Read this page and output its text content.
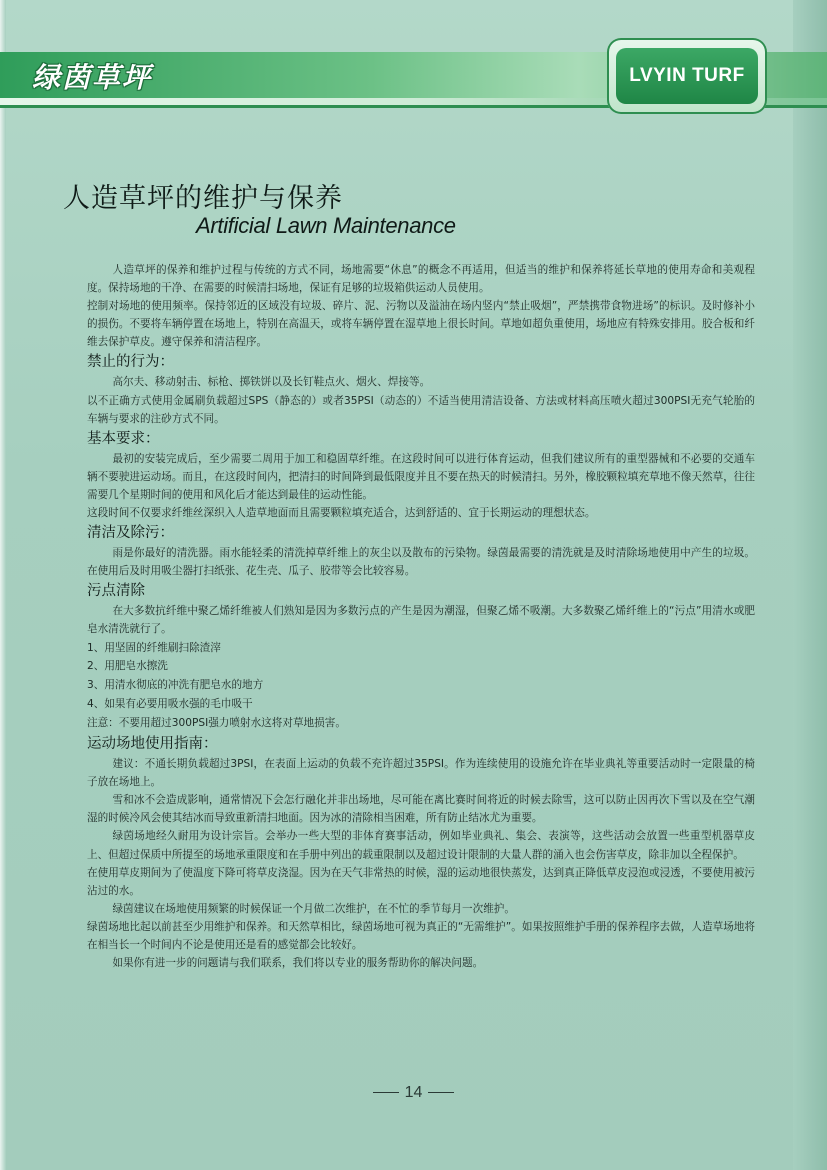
绿茵草坪	LVYIN TURF
人造草坪的维护与保养
Artificial Lawn Maintenance

人造草坪的保养和维护过程与传统的方式不同，场地需要“休息”的概念不再适用，但适当的维护和保养将延长草地的使用寿命和美观程度。保持场地的干净、在需要的时候清扫场地，保证有足够的垃圾箱供运动人员使用。

控制对场地的使用频率。保持邻近的区域没有垃圾、碎片、泥、污物以及溢油在场内竖内“禁止吸烟”，严禁携带食物进场”的标识。及时修补小的损伤。不要将车辆停置在场地上，特别在高温天，或将车辆停置在湿草地上很长时间。草地如超负重使用，场地应有特殊安排用。胶合板和纤维去保护草皮。遵守保养和清洁程序。

禁止的行为：

高尔夫、移动射击、标枪、掷铁饼以及长钉鞋点火、烟火、焊接等。

以不正确方式使用金属刷负载超过SPS（静态的）或者35PSI（动态的）不适当使用清洁设备、方法或材料高压喷火超过300PSI无充气轮胎的车辆与要求的注砂方式不同。

基本要求：

最初的安装完成后，至少需要二周用于加工和稳固草纤维。在这段时间可以进行体育运动，但我们建议所有的重型器械和不必要的交通车辆不要驶进运动场。而且，在这段时间内，把清扫的时间降到最低限度并且不要在热天的时候清扫。另外，橡胶颗粒填充草地不像天然草，往往需要几个星期时间的使用和风化后才能达到最佳的运动性能。

这段时间不仅要求纤维丝深织入人造草地面而且需要颗粒填充适合，达到舒适的、宜于长期运动的理想状态。

清洁及除污：

雨是你最好的清洗器。雨水能轻柔的清洗掉草纤维上的灰尘以及散布的污染物。绿茵最需要的清洗就是及时清除场地使用中产生的垃圾。在使用后及时用吸尘器打扫纸张、花生壳、瓜子、胶带等会比较容易。

污点清除

在大多数抗纤维中聚乙烯纤维被人们熟知是因为多数污点的产生是因为潮湿，但聚乙烯不吸潮。大多数聚乙烯纤维上的“污点”用清水或肥皂水清洗就行了。

1、用坚固的纤维刷扫除渣滓

2、用肥皂水擦洗

3、用清水彻底的冲洗有肥皂水的地方

4、如果有必要用吸水强的毛巾吸干

注意：不要用超过300PSI强力喷射水这将对草地损害。

运动场地使用指南：

建议：不通长期负载超过3PSI，在表面上运动的负载不充许超过35PSI。作为连续使用的设施允许在毕业典礼等重要活动时一定限量的椅子放在场地上。

雪和冰不会造成影响，通常情况下会怎行融化并非出场地，尽可能在离比赛时间将近的时候去除雪，这可以防止因再次下雪以及在空气潮湿的时候冷风会使其结冰而导致重新清扫地面。因为冰的清除相当困难，所有防止结冰尤为重要。

绿茵场地经久耐用为设计宗旨。会举办一些大型的非体育赛事活动，例如毕业典礼、集会、表演等，这些活动会放置一些重型机器草皮上、但超过保质中所提至的场地承重限度和在手册中列出的载重限制以及超过设计限制的大量人群的涌入也会伤害草皮，除非加以全程保护。

在使用草皮期间为了使温度下降可将草皮浇湿。因为在天气非常热的时候，湿的运动地很快蒸发，达到真正降低草皮浸泡或浸透，不要使用被污沾过的水。

绿茵建议在场地使用频繁的时候保证一个月做二次维护，在不忙的季节每月一次维护。

绿茵场地比起以前甚至少用维护和保养。和天然草相比，绿茵场地可视为真正的“无需维护”。如果按照维护手册的保养程序去做，人造草场地将在相当长一个时间内不论是使用还是看的感觉都会比较好。

如果你有进一步的问题请与我们联系，我们将以专业的服务帮助你的解决问题。

14
